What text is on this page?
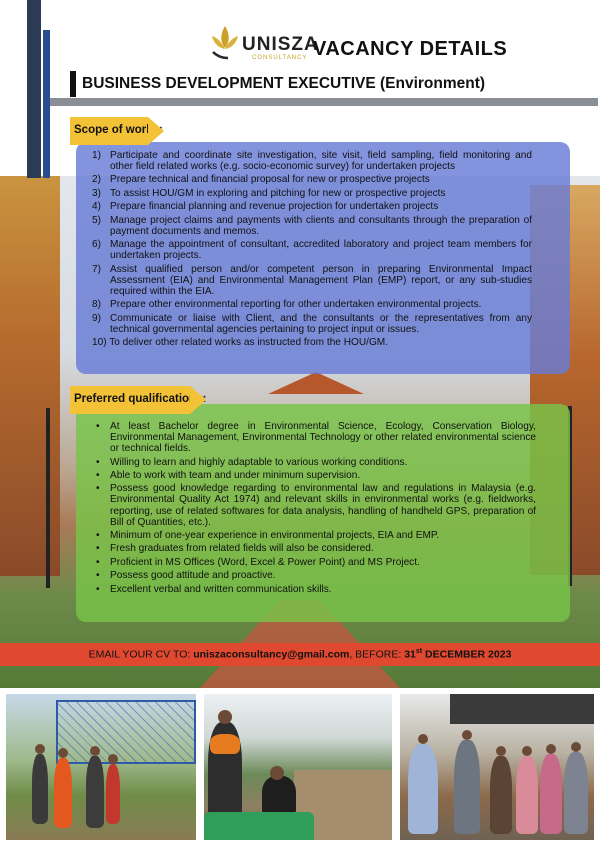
UNISZA
CONSULTANCY VACANCY DETAILS
BUSINESS DEVELOPMENT EXECUTIVE (Environment)
Scope of works:
1) Participate and coordinate site investigation, site visit, field sampling, field monitoring and other field related works (e.g. socio-economic survey) for undertaken projects
2) Prepare technical and financial proposal for new or prospective projects
3) To assist HOU/GM in exploring and pitching for new or prospective projects
4) Prepare financial planning and revenue projection for undertaken projects
5) Manage project claims and payments with clients and consultants through the preparation of payment documents and memos.
6) Manage the appointment of consultant, accredited laboratory and project team members for undertaken projects.
7) Assist qualified person and/or competent person in preparing Environmental Impact Assessment (EIA) and Environmental Management Plan (EMP) report, or any sub-studies required within the EIA.
8) Prepare other environmental reporting for other undertaken environmental projects.
9) Communicate or liaise with Client, and the consultants or the representatives from any technical governmental agencies pertaining to project input or issues.
10) To deliver other related works as instructed from the HOU/GM.
Preferred qualifications:
• At least Bachelor degree in Environmental Science, Ecology, Conservation Biology, Environmental Management, Environmental Technology or other related environmental science or technical fields.
• Willing to learn and highly adaptable to various working conditions.
• Able to work with team and under minimum supervision.
• Possess good knowledge regarding to environmental law and regulations in Malaysia (e.g. Environmental Quality Act 1974) and relevant skills in environmental works (e.g. fieldworks, reporting, use of related softwares for data analysis, handling of handheld GPS, preparation of Bill of Quantities, etc.).
• Minimum of one-year experience in environmental projects, EIA and EMP.
• Fresh graduates from related fields will also be considered.
• Proficient in MS Offices (Word, Excel & Power Point) and MS Project.
• Possess good attitude and proactive.
• Excellent verbal and written communication skills.
EMAIL YOUR CV TO: uniszaconsultancy@gmail.com, BEFORE: 31st DECEMBER 2023
